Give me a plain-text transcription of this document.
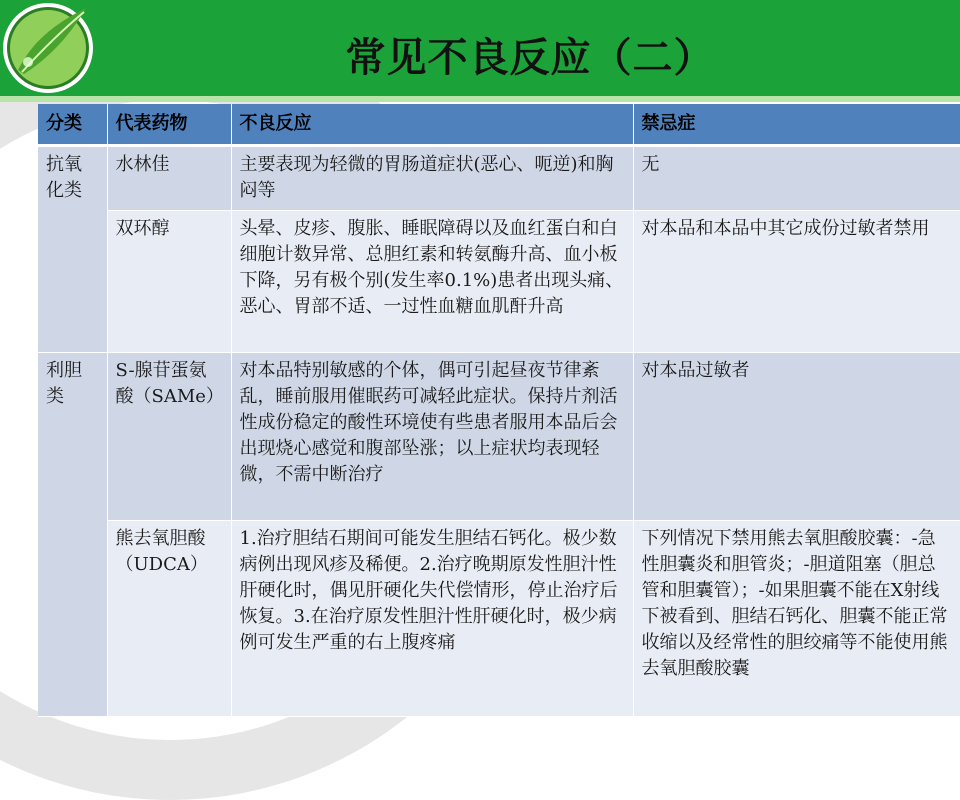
常见不良反应（二）
分类	代表药物	不良反应	禁忌症
抗氧化类	水林佳	主要表现为轻微的胃肠道症状(恶心、呃逆)和胸闷等	无
	双环醇	头晕、皮疹、腹胀、睡眠障碍以及血红蛋白和白细胞计数异常、总胆红素和转氨酶升高、血小板下降，另有极个别(发生率0.1%)患者出现头痛、恶心、胃部不适、一过性血糖血肌酐升高	对本品和本品中其它成份过敏者禁用
利胆类	S-腺苷蛋氨酸（SAMe）	对本品特别敏感的个体，偶可引起昼夜节律紊乱，睡前服用催眠药可减轻此症状。保持片剂活性成份稳定的酸性环境使有些患者服用本品后会出现烧心感觉和腹部坠涨；以上症状均表现轻微，不需中断治疗	对本品过敏者
	熊去氧胆酸（UDCA）	1.治疗胆结石期间可能发生胆结石钙化。极少数病例出现风疹及稀便。2.治疗晚期原发性胆汁性肝硬化时，偶见肝硬化失代偿情形，停止治疗后恢复。3.在治疗原发性胆汁性肝硬化时，极少病例可发生严重的右上腹疼痛	下列情况下禁用熊去氧胆酸胶囊：-急性胆囊炎和胆管炎；-胆道阻塞（胆总管和胆囊管）；-如果胆囊不能在X射线下被看到、胆结石钙化、胆囊不能正常收缩以及经常性的胆绞痛等不能使用熊去氧胆酸胶囊
